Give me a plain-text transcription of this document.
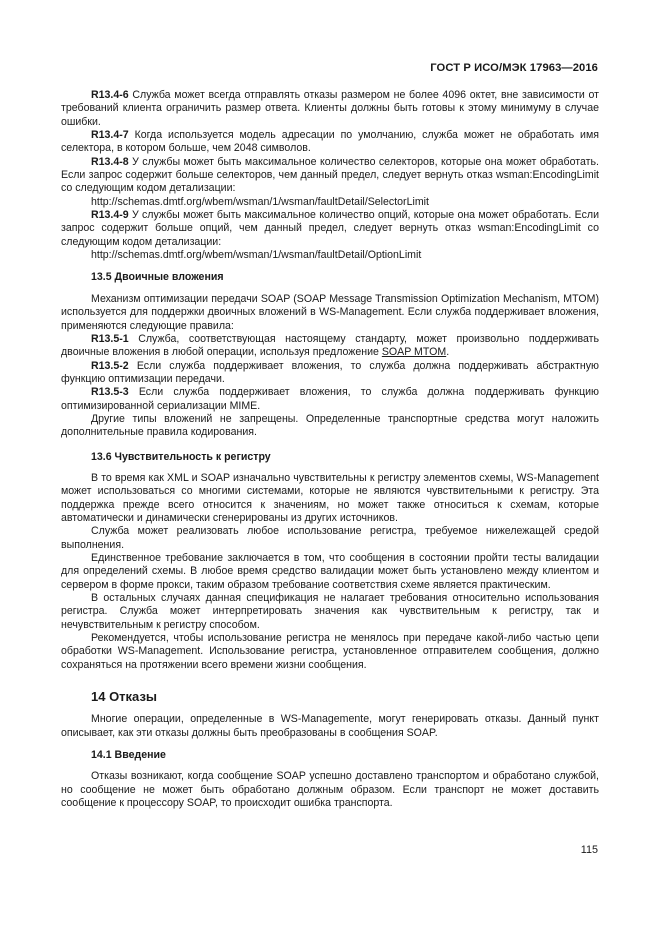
ГОСТ Р ИСО/МЭК 17963—2016

R13.4-6 Служба может всегда отправлять отказы размером не более 4096 октет, вне зависимости от требований клиента ограничить размер ответа. Клиенты должны быть готовы к этому минимуму в случае ошибки.

R13.4-7 Когда используется модель адресации по умолчанию, служба может не обработать имя селектора, в котором больше, чем 2048 символов.

R13.4-8 У службы может быть максимальное количество селекторов, которые она может обработать. Если запрос содержит больше селекторов, чем данный предел, следует вернуть отказ wsman:EncodingLimit со следующим кодом детализации:

http://schemas.dmtf.org/wbem/wsman/1/wsman/faultDetail/SelectorLimit

R13.4-9 У службы может быть максимальное количество опций, которые она может обработать. Если запрос содержит больше опций, чем данный предел, следует вернуть отказ wsman:EncodingLimit со следующим кодом детализации:

http://schemas.dmtf.org/wbem/wsman/1/wsman/faultDetail/OptionLimit

13.5 Двоичные вложения

Механизм оптимизации передачи SOAP (SOAP Message Transmission Optimization Mechanism, MTOM) используется для поддержки двоичных вложений в WS-Management. Если служба поддерживает вложения, применяются следующие правила:

R13.5-1 Служба, соответствующая настоящему стандарту, может произвольно поддерживать двоичные вложения в любой операции, используя предложение SOAP MTOM.

R13.5-2 Если служба поддерживает вложения, то служба должна поддерживать абстрактную функцию оптимизации передачи.

R13.5-3 Если служба поддерживает вложения, то служба должна поддерживать функцию оптимизированной сериализации MIME.

Другие типы вложений не запрещены. Определенные транспортные средства могут наложить дополнительные правила кодирования.

13.6 Чувствительность к регистру

В то время как XML и SOAP изначально чувствительны к регистру элементов схемы, WS-Management может использоваться со многими системами, которые не являются чувствительными к регистру. Эта поддержка прежде всего относится к значениям, но может также относиться к схемам, которые автоматически и динамически сгенерированы из других источников.

Служба может реализовать любое использование регистра, требуемое нижележащей средой выполнения.

Единственное требование заключается в том, что сообщения в состоянии пройти тесты валидации для определений схемы. В любое время средство валидации может быть установлено между клиентом и сервером в форме прокси, таким образом требование соответствия схеме является практическим.

В остальных случаях данная спецификация не налагает требования относительно использования регистра. Служба может интерпретировать значения как чувствительным к регистру, так и нечувствительным к регистру способом.

Рекомендуется, чтобы использование регистра не менялось при передаче какой-либо частью цепи обработки WS-Management. Использование регистра, установленное отправителем сообщения, должно сохраняться на протяжении всего времени жизни сообщения.

14 Отказы

Многие операции, определенные в WS-Managemente, могут генерировать отказы. Данный пункт описывает, как эти отказы должны быть преобразованы в сообщения SOAP.

14.1 Введение

Отказы возникают, когда сообщение SOAP успешно доставлено транспортом и обработано службой, но сообщение не может быть обработано должным образом. Если транспорт не может доставить сообщение к процессору SOAP, то происходит ошибка транспорта.

115
